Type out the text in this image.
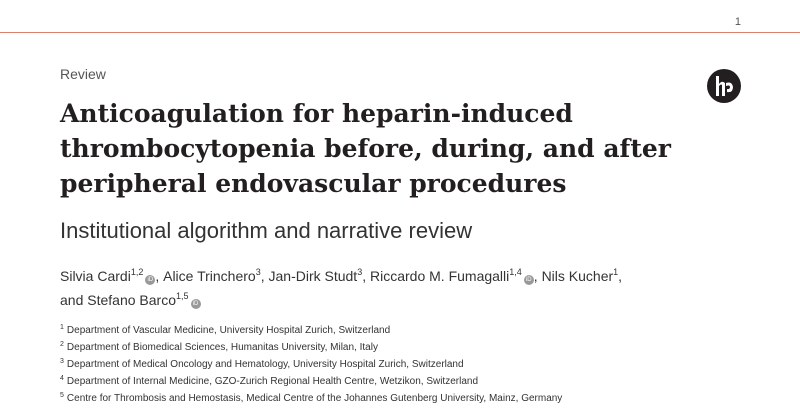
1
Review
Anticoagulation for heparin-induced thrombocytopenia before, during, and after peripheral endovascular procedures
Institutional algorithm and narrative review
Silvia Cardi$^{1,2}$iD , Alice Trinchero$^3$, Jan-Dirk Studt$^3$, Riccardo M. Fumagalli$^{1,4}$iD , Nils Kucher$^1$,
and Stefano Barco$^{1,5}$iD
$^1$ Department of Vascular Medicine, University Hospital Zurich, Switzerland
$^2$ Department of Biomedical Sciences, Humanitas University, Milan, Italy
$^3$ Department of Medical Oncology and Hematology, University Hospital Zurich, Switzerland
$^4$ Department of Internal Medicine, GZO-Zurich Regional Health Centre, Wetzikon, Switzerland
$^5$ Centre for Thrombosis and Hemostasis, Medical Centre of the Johannes Gutenberg University, Mainz, Germany
